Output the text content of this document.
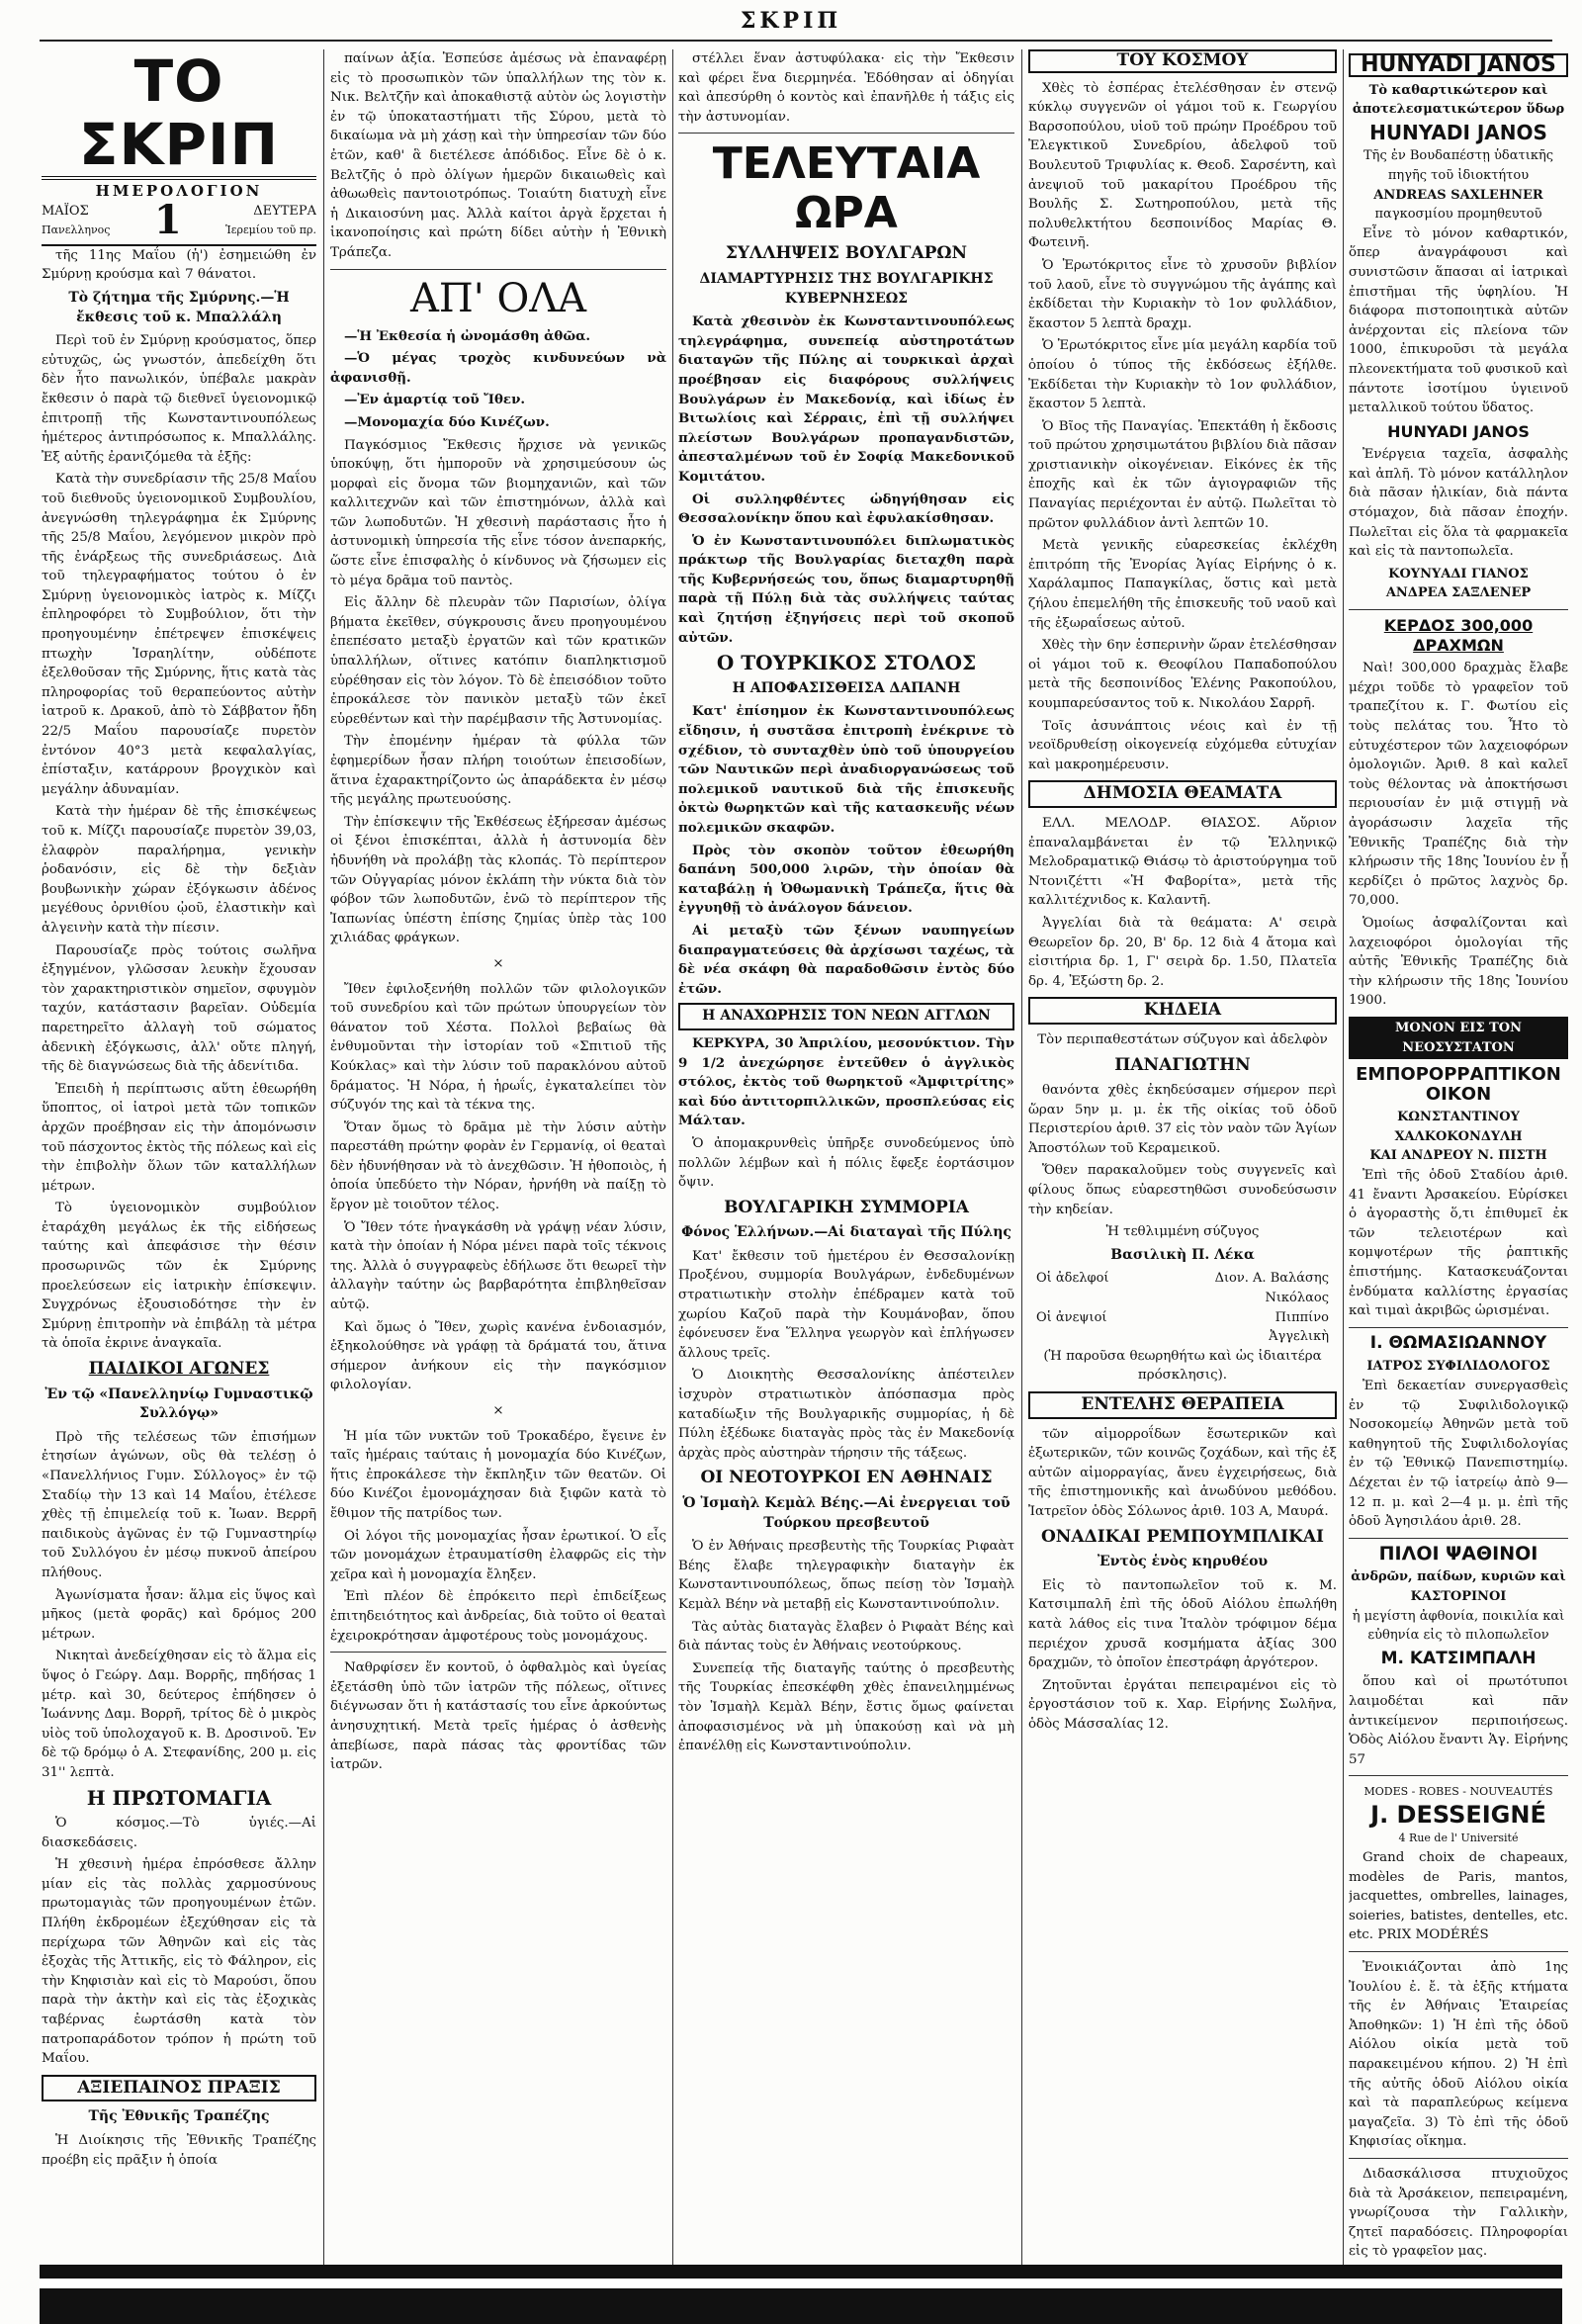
ΣΚΡΙΠ
ΤΟ ΣΚΡΙΠ
ΗΜΕΡΟΛΟΓΙΟΝ
ΜΑΪΟΣ
Πανελληνος 1	ΔΕΥΤΕΡΑ
Ἱερεμίου τοῦ πρ.

τῆς 11ης Μαΐου (ἡ') ἐσημειώθη ἐν Σμύρνῃ κρούσμα καὶ 7 θάνατοι.

Τὸ ζήτημα τῆς Σμύρνης.—Ἡ ἔκθεσις τοῦ κ. Μπαλλάλη

Περὶ τοῦ ἐν Σμύρνῃ κρούσματος, ὅπερ εὐτυχῶς, ὡς γνωστόν, ἀπεδείχθη ὅτι δὲν ἦτο πανωλικόν, ὑπέβαλε μακρὰν ἔκθεσιν ὁ παρὰ τῷ διεθνεῖ ὑγειονομικῷ ἐπιτροπῇ τῆς Κωνσταντινουπόλεως ἡμέτερος ἀντιπρόσωπος κ. Μπαλλάλης. Ἐξ αὐτῆς ἐρανιζόμεθα τὰ ἑξῆς:

Κατὰ τὴν συνεδρίασιν τῆς 25/8 Μαΐου τοῦ διεθνοῦς ὑγειονομικοῦ Συμβουλίου, ἀνεγνώσθη τηλεγράφημα ἐκ Σμύρνης τῆς 25/8 Μαΐου, λεγόμενον μικρὸν πρὸ τῆς ἐνάρξεως τῆς συνεδριάσεως. Διὰ τοῦ τηλεγραφήματος τούτου ὁ ἐν Σμύρνῃ ὑγειονομικὸς ἰατρὸς κ. Μίζζι ἐπληροφόρει τὸ Συμβούλιον, ὅτι τὴν προηγουμένην ἐπέτρεψεν ἐπισκέψεις πτωχὴν Ἰσραηλίτην, οὐδέποτε ἐξελθοῦσαν τῆς Σμύρνης, ἥτις κατὰ τὰς πληροφορίας τοῦ θεραπεύοντος αὐτὴν ἰατροῦ κ. Δρακοῦ, ἀπὸ τὸ Σάββατον ἤδη 22/5 Μαΐου παρουσίαζε πυρετὸν ἐντόνον 40°3 μετὰ κεφαλαλγίας, ἐπίσταξιν, κατάρρουν βρογχικὸν καὶ μεγάλην ἀδυναμίαν.

Κατὰ τὴν ἡμέραν δὲ τῆς ἐπισκέψεως τοῦ κ. Μίζζι παρουσίαζε πυρετὸν 39,03, ἐλαφρὸν παραλήρημα, γενικὴν ῥοδανόσιν, εἰς δὲ τὴν δεξιὰν βουβωνικὴν χώραν ἐξόγκωσιν ἀδένος μεγέθους ὀρνιθίου ᾠοῦ, ἐλαστικὴν καὶ ἀλγεινὴν κατὰ τὴν πίεσιν.

Παρουσίαζε πρὸς τούτοις σωλῆνα ἐξηγμένον, γλῶσσαν λευκὴν ἔχουσαν τὸν χαρακτηριστικὸν σημεῖον, σφυγμὸν ταχύν, κατάστασιν βαρεῖαν. Οὐδεμία παρετηρεῖτο ἀλλαγὴ τοῦ σώματος ἀδενικὴ ἐξόγκωσις, ἀλλ' οὔτε πληγή, τῆς δὲ διαγνώσεως διὰ τῆς ἀδενίτιδα.

Ἐπειδὴ ἡ περίπτωσις αὕτη ἐθεωρήθη ὕποπτος, οἱ ἰατροὶ μετὰ τῶν τοπικῶν ἀρχῶν προέβησαν εἰς τὴν ἀπομόνωσιν τοῦ πάσχοντος ἐκτὸς τῆς πόλεως καὶ εἰς τὴν ἐπιβολὴν ὅλων τῶν καταλλήλων μέτρων.

Τὸ ὑγειονομικὸν συμβούλιον ἐταράχθη μεγάλως ἐκ τῆς εἰδήσεως ταύτης καὶ ἀπεφάσισε τὴν θέσιν προσωρινῶς τῶν ἐκ Σμύρνης προελεύσεων εἰς ἰατρικὴν ἐπίσκεψιν. Συγχρόνως ἐξουσιοδότησε τὴν ἐν Σμύρνῃ ἐπιτροπὴν νὰ ἐπιβάλῃ τὰ μέτρα τὰ ὁποῖα ἐκρινε ἀναγκαῖα.

ΠΑΙΔΙΚΟΙ ΑΓΩΝΕΣ

Ἐν τῷ «Πανελληνίῳ Γυμναστικῷ Συλλόγῳ»

Πρὸ τῆς τελέσεως τῶν ἐπισήμων ἐτησίων ἀγώνων, οὓς θὰ τελέσῃ ὁ «Πανελλήνιος Γυμν. Σύλλογος» ἐν τῷ Σταδίῳ τὴν 13 καὶ 14 Μαΐου, ἐτέλεσε χθὲς τῇ ἐπιμελείᾳ τοῦ κ. Ἰωαν. Βερρῆ παιδικοὺς ἀγῶνας ἐν τῷ Γυμναστηρίῳ τοῦ Συλλόγου ἐν μέσῳ πυκνοῦ ἀπείρου πλήθους.

Ἀγωνίσματα ἦσαν: ἅλμα εἰς ὕψος καὶ μῆκος (μετὰ φορᾶς) καὶ δρόμος 200 μέτρων.

Νικηταὶ ἀνεδείχθησαν εἰς τὸ ἅλμα εἰς ὕψος ὁ Γεώργ. Δαμ. Βορρῆς, πηδήσας 1 μέτρ. καὶ 30, δεύτερος ἐπήδησεν ὁ Ἰωάννης Δαμ. Βορρῆ, τρίτος δὲ ὁ μικρὸς υἱὸς τοῦ ὑπολοχαγοῦ κ. Β. Δροσινοῦ. Ἐν δὲ τῷ δρόμῳ ὁ Α. Στεφανίδης, 200 μ. εἰς 31'' λεπτὰ.

Η ΠΡΩΤΟΜΑΓΙΑ

Ὁ κόσμος.—Τὸ ὑγιές.—Αἱ διασκεδάσεις.

Ἡ χθεσινὴ ἡμέρα ἐπρόσθεσε ἄλλην μίαν εἰς τὰς πολλὰς χαρμοσύνους πρωτομαγιὰς τῶν προηγουμένων ἐτῶν. Πλήθη ἐκδρομέων ἐξεχύθησαν εἰς τὰ περίχωρα τῶν Ἀθηνῶν καὶ εἰς τὰς ἐξοχὰς τῆς Ἀττικῆς, εἰς τὸ Φάληρον, εἰς τὴν Κηφισιὰν καὶ εἰς τὸ Μαρούσι, ὅπου παρὰ τὴν ἀκτὴν καὶ εἰς τὰς ἐξοχικὰς ταβέρνας ἐωρτάσθη κατὰ τὸν πατροπαράδοτον τρόπον ἡ πρώτη τοῦ Μαΐου.

ΑΞΙΕΠΑΙΝΟΣ ΠΡΑΞΙΣ

Τῆς Ἐθνικῆς Τραπέζης

Ἡ Διοίκησις τῆς Ἐθνικῆς Τραπέζης προέβη εἰς πρᾶξιν ἡ ὁποία

παίνων ἀξία. Ἐσπεύσε ἀμέσως νὰ ἐπαναφέρῃ εἰς τὸ προσωπικὸν τῶν ὑπαλλήλων της τὸν κ. Νικ. Βελτζῆν καὶ ἀποκαθιστᾷ αὐτὸν ὡς λογιστὴν ἐν τῷ ὑποκαταστήματι τῆς Σύρου, μετὰ τὸ δικαίωμα νὰ μὴ χάσῃ καὶ τὴν ὑπηρεσίαν τῶν δύο ἐτῶν, καθ' ἃ διετέλεσε ἀπόδιδος. Εἶνε δὲ ὁ κ. Βελτζῆς ὁ πρὸ ὀλίγων ἡμερῶν δικαιωθεὶς καὶ ἀθωωθεὶς παντοιοτρόπως. Τοιαύτη διατυχὴ εἶνε ἡ Δικαιοσύνη μας. Ἀλλὰ καίτοι ἀργὰ ἔρχεται ἡ ἱκανοποίησις καὶ πρώτη δίδει αὐτὴν ἡ Ἐθνικὴ Τράπεζα.

ΑΠ' ΟΛΑ

—Ἡ Ἐκθεσία ἡ ὠνομάσθη ἀθῶα.

—Ὁ μέγας τροχὸς κινδυνεύων νὰ ἀφανισθῇ.

—Ἐν ἁμαρτίᾳ τοῦ Ἴθεν.

—Μονομαχία δύο Κινέζων.

Παγκόσμιος Ἔκθεσις ἤρχισε νὰ γενικῶς ὑποκύψῃ, ὅτι ἡμποροῦν νὰ χρησιμεύσουν ὡς μορφαὶ εἰς ὄνομα τῶν βιομηχανιῶν, καὶ τῶν καλλιτεχνῶν καὶ τῶν ἐπιστημόνων, ἀλλὰ καὶ τῶν λωποδυτῶν. Ἡ χθεσινὴ παράστασις ἦτο ἡ ἀστυνομικὴ ὑπηρεσία τῆς εἶνε τόσον ἀνεπαρκής, ὥστε εἶνε ἐπισφαλὴς ὁ κίνδυνος νὰ ζήσωμεν εἰς τὸ μέγα δρᾶμα τοῦ παντὸς.

Εἰς ἄλλην δὲ πλευρὰν τῶν Παρισίων, ὀλίγα βήματα ἐκεῖθεν, σύγκρουσις ἄνευ προηγουμένου ἐπεπέσατο μεταξὺ ἐργατῶν καὶ τῶν κρατικῶν ὑπαλλήλων, οἵτινες κατόπιν διαπληκτισμοῦ εὑρέθησαν εἰς τὸν λόγον. Τὸ δὲ ἐπεισόδιον τοῦτο ἐπροκάλεσε τὸν πανικὸν μεταξὺ τῶν ἐκεῖ εὑρεθέντων καὶ τὴν παρέμβασιν τῆς Ἀστυνομίας.

Τὴν ἐπομένην ἡμέραν τὰ φύλλα τῶν ἐφημερίδων ἦσαν πλήρη τοιούτων ἐπεισοδίων, ἅτινα ἐχαρακτηρίζοντο ὡς ἀπαράδεκτα ἐν μέσῳ τῆς μεγάλης πρωτευούσης.

Τὴν ἐπίσκεψιν τῆς Ἐκθέσεως ἐξήρεσαν ἀμέσως οἱ ξένοι ἐπισκέπται, ἀλλὰ ἡ ἀστυνομία δὲν ἠδυνήθη νὰ προλάβῃ τὰς κλοπάς. Τὸ περίπτερον τῶν Οὐγγαρίας μόνον ἐκλάπη τὴν νύκτα διὰ τὸν φόβον τῶν λωποδυτῶν, ἐνῶ τὸ περίπτερον τῆς Ἰαπωνίας ὑπέστη ἐπίσης ζημίας ὑπὲρ τὰς 100 χιλιάδας φράγκων.

×

Ἴθεν ἐφιλοξενήθη πολλῶν τῶν φιλολογικῶν τοῦ συνεδρίου καὶ τῶν πρώτων ὑπουργείων τὸν θάνατον τοῦ Χέστα. Πολλοὶ βεβαίως θὰ ἐνθυμοῦνται τὴν ἱστορίαν τοῦ «Σπιτιοῦ τῆς Κούκλας» καὶ τὴν λύσιν τοῦ παρακλόνου αὐτοῦ δράματος. Ἡ Νόρα, ἡ ἡρωΐς, ἐγκαταλείπει τὸν σύζυγόν της καὶ τὰ τέκνα της.

Ὅταν ὅμως τὸ δρᾶμα μὲ τὴν λύσιν αὐτὴν παρεστάθη πρώτην φορὰν ἐν Γερμανίᾳ, οἱ θεαταὶ δὲν ἠδυνήθησαν νὰ τὸ ἀνεχθῶσιν. Ἡ ἠθοποιὸς, ἡ ὁποία ὑπεδύετο τὴν Νόραν, ἠρνήθη νὰ παίξῃ τὸ ἔργον μὲ τοιοῦτον τέλος.

Ὁ Ἴθεν τότε ἠναγκάσθη νὰ γράψῃ νέαν λύσιν, κατὰ τὴν ὁποίαν ἡ Νόρα μένει παρὰ τοῖς τέκνοις της. Ἀλλὰ ὁ συγγραφεὺς ἐδήλωσε ὅτι θεωρεῖ τὴν ἀλλαγὴν ταύτην ὡς βαρβαρότητα ἐπιβληθεῖσαν αὐτῷ.

Καὶ ὅμως ὁ Ἴθεν, χωρὶς κανένα ἐνδοιασμόν, ἐξηκολούθησε νὰ γράφῃ τὰ δράματά του, ἅτινα σήμερον ἀνήκουν εἰς τὴν παγκόσμιον φιλολογίαν.

×

Ἡ μία τῶν νυκτῶν τοῦ Τροκαδέρο, ἔγεινε ἐν ταῖς ἡμέραις ταύταις ἡ μονομαχία δύο Κινέζων, ἥτις ἐπροκάλεσε τὴν ἔκπληξιν τῶν θεατῶν. Οἱ δύο Κινέζοι ἐμονομάχησαν διὰ ξιφῶν κατὰ τὸ ἔθιμον τῆς πατρίδος των.

Οἱ λόγοι τῆς μονομαχίας ἦσαν ἐρωτικοί. Ὁ εἷς τῶν μονομάχων ἐτραυματίσθη ἐλαφρῶς εἰς τὴν χεῖρα καὶ ἡ μονομαχία ἔληξεν.

Ἐπὶ πλέον δὲ ἐπρόκειτο περὶ ἐπιδείξεως ἐπιτηδειότητος καὶ ἀνδρείας, διὰ τοῦτο οἱ θεαταὶ ἐχειροκρότησαν ἀμφοτέρους τοὺς μονομάχους.

Ναθρφίσεν ἕν κοντοῦ, ὁ ὀφθαλμὸς καὶ ὑγείας ἐξετάσθη ὑπὸ τῶν ἰατρῶν τῆς πόλεως, οἵτινες διέγνωσαν ὅτι ἡ κατάστασίς του εἶνε ἀρκούντως ἀνησυχητική. Μετὰ τρεῖς ἡμέρας ὁ ἀσθενὴς ἀπεβίωσε, παρὰ πάσας τὰς φροντίδας τῶν ἰατρῶν.

στέλλει ἕναν ἀστυφύλακα· εἰς τὴν Ἔκθεσιν καὶ φέρει ἕνα διερμηνέα. Ἐδόθησαν αἱ ὁδηγίαι καὶ ἀπεσύρθη ὁ κοντὸς καὶ ἐπανῆλθε ἡ τάξις εἰς τὴν ἀστυνομίαν.

ΤΕΛΕΥΤΑΙΑ ΩΡΑ

ΣΥΛΛΗΨΕΙΣ ΒΟΥΛΓΑΡΩΝ

ΔΙΑΜΑΡΤΥΡΗΣΙΣ ΤΗΣ ΒΟΥΛΓΑΡΙΚΗΣ ΚΥΒΕΡΝΗΣΕΩΣ

Κατὰ χθεσινὸν ἐκ Κωνσταντινουπόλεως τηλεγράφημα, συνεπείᾳ αὐστηροτάτων διαταγῶν τῆς Πύλης αἱ τουρκικαὶ ἀρχαὶ προέβησαν εἰς διαφόρους συλλήψεις Βουλγάρων ἐν Μακεδονίᾳ, καὶ ἰδίως ἐν Βιτωλίοις καὶ Σέρραις, ἐπὶ τῇ συλλήψει πλείστων Βουλγάρων προπαγανδιστῶν, ἀπεσταλμένων τοῦ ἐν Σοφίᾳ Μακεδονικοῦ Κομιτάτου.

Οἱ συλληφθέντες ὡδηγήθησαν εἰς Θεσσαλονίκην ὅπου καὶ ἐφυλακίσθησαν.

Ὁ ἐν Κωνσταντινουπόλει διπλωματικὸς πράκτωρ τῆς Βουλγαρίας διεταχθη παρὰ τῆς Κυβερνήσεώς του, ὅπως διαμαρτυρηθῇ παρὰ τῇ Πύλῃ διὰ τὰς συλλήψεις ταύτας καὶ ζητήσῃ ἐξηγήσεις περὶ τοῦ σκοποῦ αὐτῶν.

Ο ΤΟΥΡΚΙΚΟΣ ΣΤΟΛΟΣ

Η ΑΠΟΦΑΣΙΣΘΕΙΣΑ ΔΑΠΑΝΗ

Κατ' ἐπίσημον ἐκ Κωνσταντινουπόλεως εἴδησιν, ἡ συστᾶσα ἐπιτροπὴ ἐνέκρινε τὸ σχέδιον, τὸ συνταχθὲν ὑπὸ τοῦ ὑπουργείου τῶν Ναυτικῶν περὶ ἀναδιοργανώσεως τοῦ πολεμικοῦ ναυτικοῦ διὰ τῆς ἐπισκευῆς ὀκτὼ θωρηκτῶν καὶ τῆς κατασκευῆς νέων πολεμικῶν σκαφῶν.

Πρὸς τὸν σκοπὸν τοῦτον ἐθεωρήθη δαπάνη 500,000 λιρῶν, τὴν ὁποίαν θὰ καταβάλῃ ἡ Ὀθωμανικὴ Τράπεζα, ἥτις θὰ ἐγγυηθῇ τὸ ἀνάλογον δάνειον.

Αἱ μεταξὺ τῶν ξένων ναυπηγείων διαπραγματεύσεις θὰ ἀρχίσωσι ταχέως, τὰ δὲ νέα σκάφη θὰ παραδοθῶσιν ἐντὸς δύο ἐτῶν.

Η ΑΝΑΧΩΡΗΣΙΣ ΤΟΝ ΝΕΩΝ ΑΓΓΛΩΝ

ΚΕΡΚΥΡΑ, 30 Ἀπριλίου, μεσονύκτιον. Τὴν 9 1/2 ἀνεχώρησε ἐντεῦθεν ὁ ἀγγλικὸς στόλος, ἐκτὸς τοῦ θωρηκτοῦ «Ἀμφιτρίτης» καὶ δύο ἀντιτορπιλλικῶν, προσπλεύσας εἰς Μάλταν.

Ὁ ἀπομακρυνθεὶς ὑπῆρξε συνοδεύμενος ὑπὸ πολλῶν λέμβων καὶ ἡ πόλις ἔφεξε ἐορτάσιμον ὄψιν.

ΒΟΥΛΓΑΡΙΚΗ ΣΥΜΜΟΡΙΑ

Φόνος Ἑλλήνων.—Αἱ διαταγαὶ τῆς Πύλης

Κατ' ἔκθεσιν τοῦ ἡμετέρου ἐν Θεσσαλονίκῃ Προξένου, συμμορία Βουλγάρων, ἐνδεδυμένων στρατιωτικὴν στολὴν ἐπέδραμεν κατὰ τοῦ χωρίου Καζοῦ παρὰ τὴν Κουμάνοβαν, ὅπου ἐφόνευσεν ἕνα Ἕλληνα γεωργὸν καὶ ἐπλήγωσεν ἄλλους τρεῖς.

Ὁ Διοικητὴς Θεσσαλονίκης ἀπέστειλεν ἰσχυρὸν στρατιωτικὸν ἀπόσπασμα πρὸς καταδίωξιν τῆς Βουλγαρικῆς συμμορίας, ἡ δὲ Πύλη ἐξέδωκε διαταγὰς πρὸς τὰς ἐν Μακεδονίᾳ ἀρχὰς πρὸς αὐστηρὰν τήρησιν τῆς τάξεως.

ΟΙ ΝΕΟΤΟΥΡΚΟΙ ΕΝ ΑΘΗΝΑΙΣ

Ὁ Ἰσμαὴλ Κεμὰλ Βέης.—Αἱ ἐνεργειαι τοῦ Τούρκου πρεσβευτοῦ

Ὁ ἐν Ἀθήναις πρεσβευτὴς τῆς Τουρκίας Ριφαὰτ Βέης ἔλαβε τηλεγραφικὴν διαταγὴν ἐκ Κωνσταντινουπόλεως, ὅπως πείσῃ τὸν Ἰσμαὴλ Κεμὰλ Βέην νὰ μεταβῇ εἰς Κωνσταντινούπολιν.

Τὰς αὐτὰς διαταγὰς ἔλαβεν ὁ Ριφαὰτ Βέης καὶ διὰ πάντας τοὺς ἐν Ἀθήναις νεοτούρκους.

Συνεπείᾳ τῆς διαταγῆς ταύτης ὁ πρεσβευτὴς τῆς Τουρκίας ἐπεσκέφθη χθὲς ἐπανειλημμένως τὸν Ἰσμαὴλ Κεμὰλ Βέην, ἔστις ὅμως φαίνεται ἀποφασισμένος νὰ μὴ ὑπακούσῃ καὶ νὰ μὴ ἐπανέλθῃ εἰς Κωνσταντινούπολιν.

ΤΟΥ ΚΟΣΜΟΥ

Χθὲς τὸ ἑσπέρας ἐτελέσθησαν ἐν στενῷ κύκλῳ συγγενῶν οἱ γάμοι τοῦ κ. Γεωργίου Βαρσοπούλου, υἱοῦ τοῦ πρώην Προέδρου τοῦ Ἐλεγκτικοῦ Συνεδρίου, ἀδελφοῦ τοῦ Βουλευτοῦ Τριφυλίας κ. Θεοδ. Σαρσέντη, καὶ ἀνεψιοῦ τοῦ μακαρίτου Προέδρου τῆς Βουλῆς Σ. Σωτηροπούλου, μετὰ τῆς πολυθελκτήτου δεσποινίδος Μαρίας Θ. Φωτεινῆ.

Ὁ Ἐρωτόκριτος εἶνε τὸ χρυσοῦν βιβλίον τοῦ λαοῦ, εἶνε τὸ συγγνώμου τῆς ἀγάπης καὶ ἐκδίδεται τὴν Κυριακὴν τὸ 1ον φυλλάδιον, ἔκαστον 5 λεπτὰ δραχμ.

Ὁ Ἐρωτόκριτος εἶνε μία μεγάλη καρδία τοῦ ὁποίου ὁ τύπος τῆς ἐκδόσεως ἐξήλθε. Ἐκδίδεται τὴν Κυριακὴν τὸ 1ον φυλλάδιον, ἔκαστον 5 λεπτὰ.

Ὁ Βῖος τῆς Παναγίας. Ἐπεκτάθη ἡ ἔκδοσις τοῦ πρώτου χρησιμωτάτου βιβλίου διὰ πᾶσαν χριστιανικὴν οἰκογένειαν. Εἰκόνες ἐκ τῆς ἐποχῆς καὶ ἐκ τῶν ἁγιογραφιῶν τῆς Παναγίας περιέχονται ἐν αὐτῷ. Πωλεῖται τὸ πρῶτον φυλλάδιον ἀντὶ λεπτῶν 10.

Μετὰ γενικῆς εὐαρεσκείας ἐκλέχθη ἐπιτρόπη τῆς Ἐνορίας Ἁγίας Εἰρήνης ὁ κ. Χαράλαμπος Παπαγκίλας, ὅστις καὶ μετὰ ζήλου ἐπεμελήθη τῆς ἐπισκευῆς τοῦ ναοῦ καὶ τῆς ἐξωραΐσεως αὐτοῦ.

Χθὲς τὴν 6ην ἑσπερινὴν ὥραν ἐτελέσθησαν οἱ γάμοι τοῦ κ. Θεοφίλου Παπαδοπούλου μετὰ τῆς δεσποινίδος Ἑλένης Ρακοπούλου, κουμπαρεύσαντος τοῦ κ. Νικολάου Σαρρῆ.

Τοῖς ἀσυνάπτοις νέοις καὶ ἐν τῇ νεοϊδρυθείσῃ οἰκογενείᾳ εὐχόμεθα εὐτυχίαν καὶ μακροημέρευσιν.

ΔΗΜΟΣΙΑ ΘΕΑΜΑΤΑ

ΕΛΛ. ΜΕΛΟΔΡ. ΘΙΑΣΟΣ. Αὔριον ἐπαναλαμβάνεται ἐν τῷ Ἑλληνικῷ Μελοδραματικῷ Θιάσῳ τὸ ἀριστούργημα τοῦ Ντονιζέττι «Ἡ Φαβορίτα», μετὰ τῆς καλλιτέχνιδος κ. Καλαντῆ.

Ἀγγελίαι διὰ τὰ θεάματα: Α' σειρὰ Θεωρεῖον δρ. 20, Β' δρ. 12 διὰ 4 ἄτομα καὶ εἰσιτήρια δρ. 1, Γ' σειρὰ δρ. 1.50, Πλατεῖα δρ. 4, Ἐξώστη δρ. 2.

ΚΗΔΕΙΑ

Τὸν περιπαθεστάτων σύζυγον καὶ ἀδελφὸν

ΠΑΝΑΓΙΩΤΗΝ

θανόντα χθὲς ἐκηδεύσαμεν σήμερον περὶ ὥραν 5ην μ. μ. ἐκ τῆς οἰκίας τοῦ ὁδοῦ Περιστερίου ἀριθ. 37 εἰς τὸν ναὸν τῶν Ἁγίων Ἀποστόλων τοῦ Κεραμεικοῦ.

Ὅθεν παρακαλοῦμεν τοὺς συγγενεῖς καὶ φίλους ὅπως εὐαρεστηθῶσι συνοδεύσωσιν τὴν κηδείαν.

Ἡ τεθλιμμένη σύζυγος

Βασιλικὴ Π. Λέκα

Οἱ ἀδελφοί	Διον. Α. Βαλάσης
Νικόλαος
Οἱ ἀνεψιοί	Πιππίνο
Ἀγγελικὴ

(Ἡ παροῦσα θεωρηθήτω καὶ ὡς ἰδιαιτέρα πρόσκλησις).

ΕΝΤΕΛΗΣ ΘΕΡΑΠΕΙΑ

τῶν αἱμορροΐδων ἔσωτερικῶν καὶ ἐξωτερικῶν, τῶν κοινῶς ζοχάδων, καὶ τῆς ἐξ αὐτῶν αἱμορραγίας, ἄνευ ἐγχειρήσεως, διὰ τῆς ἐπιστημονικῆς καὶ ἀνωδύνου μεθόδου. Ἰατρεῖον ὁδὸς Σόλωνος ἀριθ. 103 Α, Μαυρά.

ΟΝΑΔΙΚΑΙ ΡΕΜΠΟΥΜΠΛΙΚΑΙ

Ἐντὸς ἑνὸς κηρυθέου

Εἰς τὸ παντοπωλεῖον τοῦ κ. Μ. Κατσιμπαλῆ ἐπὶ τῆς ὁδοῦ Αἰόλου ἐπωλήθη κατὰ λάθος εἰς τινα Ἰταλὸν τρόφιμον δέμα περιέχον χρυσᾶ κοσμήματα ἀξίας 300 δραχμῶν, τὸ ὁποῖον ἐπεστράφη ἀργότερον.

Ζητοῦνται ἐργάται πεπειραμένοι εἰς τὸ ἐργοστάσιον τοῦ κ. Χαρ. Εἰρήνης Σωλῆνα, ὁδὸς Μάσσαλίας 12.

HUNYADI JANOS

Τὸ καθαρτικώτερον καὶ ἀποτελεσματικώτερον ὕδωρ

HUNYADI JANOS

Τῆς ἐν Βουδαπέστῃ ὑδατικῆς πηγῆς τοῦ ἰδιοκτήτου

ANDREAS SAXLEHNER

παγκοσμίου προμηθευτοῦ

Εἶνε τὸ μόνον καθαρτικόν, ὅπερ ἀναγράφουσι καὶ συνιστῶσιν ἅπασαι αἱ ἰατρικαὶ ἐπιστῆμαι τῆς ὑφηλίου. Ἡ διάφορα πιστοποιητικὰ αὐτῶν ἀνέρχονται εἰς πλείονα τῶν 1000, ἐπικυροῦσι τὰ μεγάλα πλεονεκτήματα τοῦ φυσικοῦ καὶ πάντοτε ἰσοτίμου ὑγιεινοῦ μεταλλικοῦ τούτου ὕδατος.

HUNYADI JANOS

Ἐνέργεια ταχεῖα, ἀσφαλὴς καὶ ἀπλῆ. Τὸ μόνον κατάλληλον διὰ πᾶσαν ἡλικίαν, διὰ πάντα στόμαχον, διὰ πᾶσαν ἐποχήν. Πωλεῖται εἰς ὅλα τὰ φαρμακεῖα καὶ εἰς τὰ παντοπωλεῖα.

ΚΟΥΝΥΑΔΙ ΓΙΑΝΟΣ

ΑΝΔΡΕΑ ΣΑΞΛΕΝΕΡ

ΚΕΡΔΟΣ 300,000 ΔΡΑΧΜΩΝ

Ναὶ! 300,000 δραχμὰς ἔλαβε μέχρι τοῦδε τὸ γραφεῖον τοῦ τραπεζίτου κ. Γ. Φωτίου εἰς τοὺς πελάτας του. Ἦτο τὸ εὐτυχέστερον τῶν λαχειοφόρων ὁμολογιῶν. Ἀριθ. 8 καὶ καλεῖ τοὺς θέλοντας νὰ ἀποκτήσωσι περιουσίαν ἐν μιᾷ στιγμῇ νὰ ἀγοράσωσιν λαχεῖα τῆς Ἐθνικῆς Τραπέζης διὰ τὴν κλήρωσιν τῆς 18ης Ἰουνίου ἐν ᾗ κερδίζει ὁ πρῶτος λαχνὸς δρ. 70,000.

Ὁμοίως ἀσφαλίζονται καὶ λαχειοφόροι ὁμολογίαι τῆς αὐτῆς Ἐθνικῆς Τραπέζης διὰ τὴν κλήρωσιν τῆς 18ης Ἰουνίου 1900.

ΜΟΝΟΝ ΕΙΣ ΤΟΝ ΝΕΟΣΥΣΤΑΤΟΝ

ΕΜΠΟΡΟΡΡΑΠΤΙΚΟΝ ΟΙΚΟΝ

ΚΩΝΣΤΑΝΤΙΝΟΥ ΧΑΛΚΟΚΟΝΔΥΛΗ

ΚΑΙ ΑΝΔΡΕΟΥ Ν. ΠΙΣΤΗ

Ἐπὶ τῆς ὁδοῦ Σταδίου ἀριθ. 41 ἔναντι Ἀρσακείου. Εὑρίσκει ὁ ἀγοραστὴς ὅ,τι ἐπιθυμεῖ ἐκ τῶν τελειοτέρων καὶ κομψοτέρων τῆς ῥαπτικῆς ἐπιστήμης. Κατασκευάζονται ἐνδύματα καλλίστης ἐργασίας καὶ τιμαὶ ἀκριβῶς ὡρισμέναι.

Ι. ΘΩΜΑΣΙΩΑΝΝΟΥ

ΙΑΤΡΟΣ ΣΥΦΙΛΙΔΟΛΟΓΟΣ

Ἐπὶ δεκαετίαν συνεργασθεὶς ἐν τῷ Συφιλιδολογικῷ Νοσοκομείῳ Ἀθηνῶν μετὰ τοῦ καθηγητοῦ τῆς Συφιλιδολογίας ἐν τῷ Ἐθνικῷ Πανεπιστημίῳ. Δέχεται ἐν τῷ ἰατρείῳ ἀπὸ 9—12 π. μ. καὶ 2—4 μ. μ. ἐπὶ τῆς ὁδοῦ Ἀγησιλάου ἀριθ. 28.

ΠΙΛΟΙ ΨΑΘΙΝΟΙ

ἀνδρῶν, παίδων, κυριῶν καὶ ΚΑΣΤΟΡΙΝΟΙ

ἡ μεγίστη ἀφθονία, ποικιλία καὶ εὐθηνία εἰς τὸ πιλοπωλεῖον

Μ. ΚΑΤΣΙΜΠΑΛΗ

ὅπου καὶ οἱ πρωτότυποι λαιμοδέται καὶ πᾶν ἀντικείμενον περιποιήσεως. Ὁδὸς Αἰόλου ἔναντι Ἁγ. Εἰρήνης 57

MODES - ROBES - NOUVEAUTÉS

J. DESSEIGNÉ

4 Rue de l' Université

Grand choix de chapeaux, modèles de Paris, mantos, jacquettes, ombrelles, lainages, soieries, batistes, dentelles, etc. etc. PRIX MODÉRÉS

Ἐνοικιάζονται ἀπὸ 1ης Ἰουλίου ἐ. ἔ. τὰ ἑξῆς κτήματα τῆς ἐν Ἀθήναις Ἑταιρείας Ἀποθηκῶν: 1) Ἡ ἐπὶ τῆς ὁδοῦ Αἰόλου οἰκία μετὰ τοῦ παρακειμένου κήπου. 2) Ἡ ἐπὶ τῆς αὐτῆς ὁδοῦ Αἰόλου οἰκία καὶ τὰ παραπλεύρως κείμενα μαγαζεῖα. 3) Τὸ ἐπὶ τῆς ὁδοῦ Κηφισίας οἴκημα.

Διδασκάλισσα πτυχιοῦχος διὰ τὰ Ἀρσάκειον, πεπειραμένη, γνωρίζουσα τὴν Γαλλικὴν, ζητεῖ παραδόσεις. Πληροφορίαι εἰς τὸ γραφεῖον μας.
